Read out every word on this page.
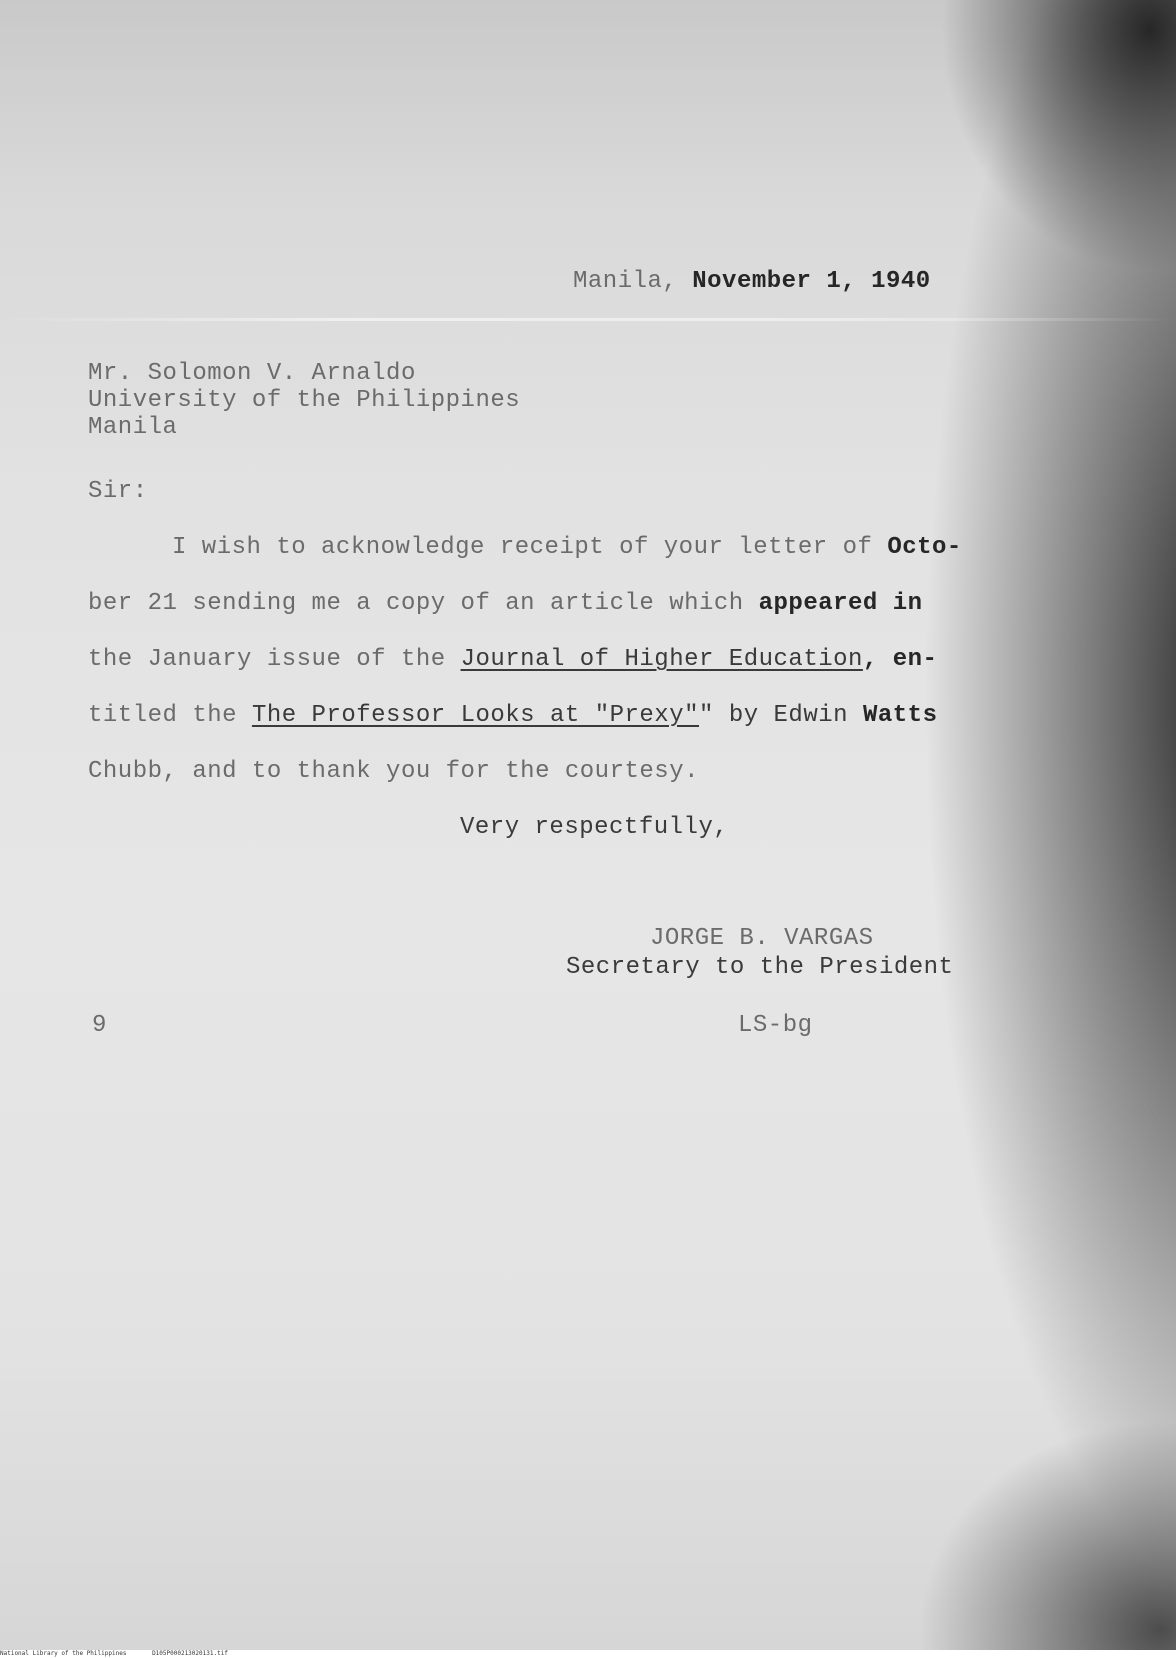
Manila, November 1, 1940

Mr. Solomon V. Arnaldo

University of the Philippines

Manila

Sir:

I wish to acknowledge receipt of your letter of Octo-

ber 21 sending me a copy of an article which appeared in

the January issue of the Journal of Higher Education, en-

titled the The Professor Looks at "Prexy"" by Edwin Watts

Chubb, and to thank you for the courtesy.

Very respectfully,

JORGE B. VARGAS

Secretary to the President

9	LS-bg

National Library of the Philippines	D105P000213020131.tif
